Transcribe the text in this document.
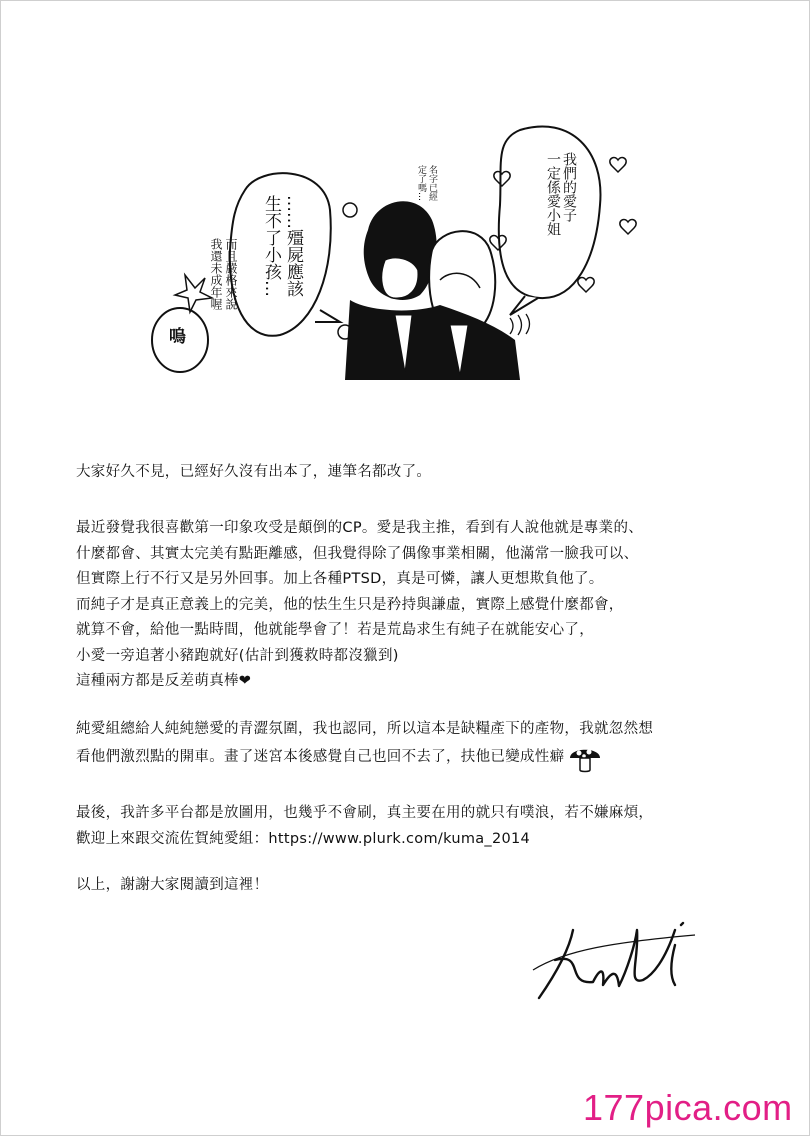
我們的愛子
一定係愛小姐
……殭屍應該
生不了小孩…
名字已經
定了嗎…
而且嚴格來說
我還未成年喔
嗚
大家好久不見，已經好久沒有出本了，連筆名都改了。
最近發覺我很喜歡第一印象攻受是顛倒的CP。愛是我主推，看到有人說他就是專業的、
什麼都會、其實太完美有點距離感，但我覺得除了偶像事業相關，他滿常一臉我可以、
但實際上行不行又是另外回事。加上各種PTSD，真是可憐，讓人更想欺負他了。
而純子才是真正意義上的完美，他的怯生生只是矜持與謙虛，實際上感覺什麼都會，
就算不會，給他一點時間，他就能學會了！若是荒島求生有純子在就能安心了，
小愛一旁追著小豬跑就好(估計到獲救時都沒獵到)
這種兩方都是反差萌真棒❤
純愛組總給人純純戀愛的青澀氛圍，我也認同，所以這本是缺糧產下的產物，我就忽然想
看他們激烈點的開車。畫了迷宮本後感覺自己也回不去了，扶他已變成性癖
最後，我許多平台都是放圖用，也幾乎不會刷，真主要在用的就只有噗浪，若不嫌麻煩，
歡迎上來跟交流佐賀純愛組：https://www.plurk.com/kuma_2014
以上，謝謝大家閱讀到這裡！
177pica.com
